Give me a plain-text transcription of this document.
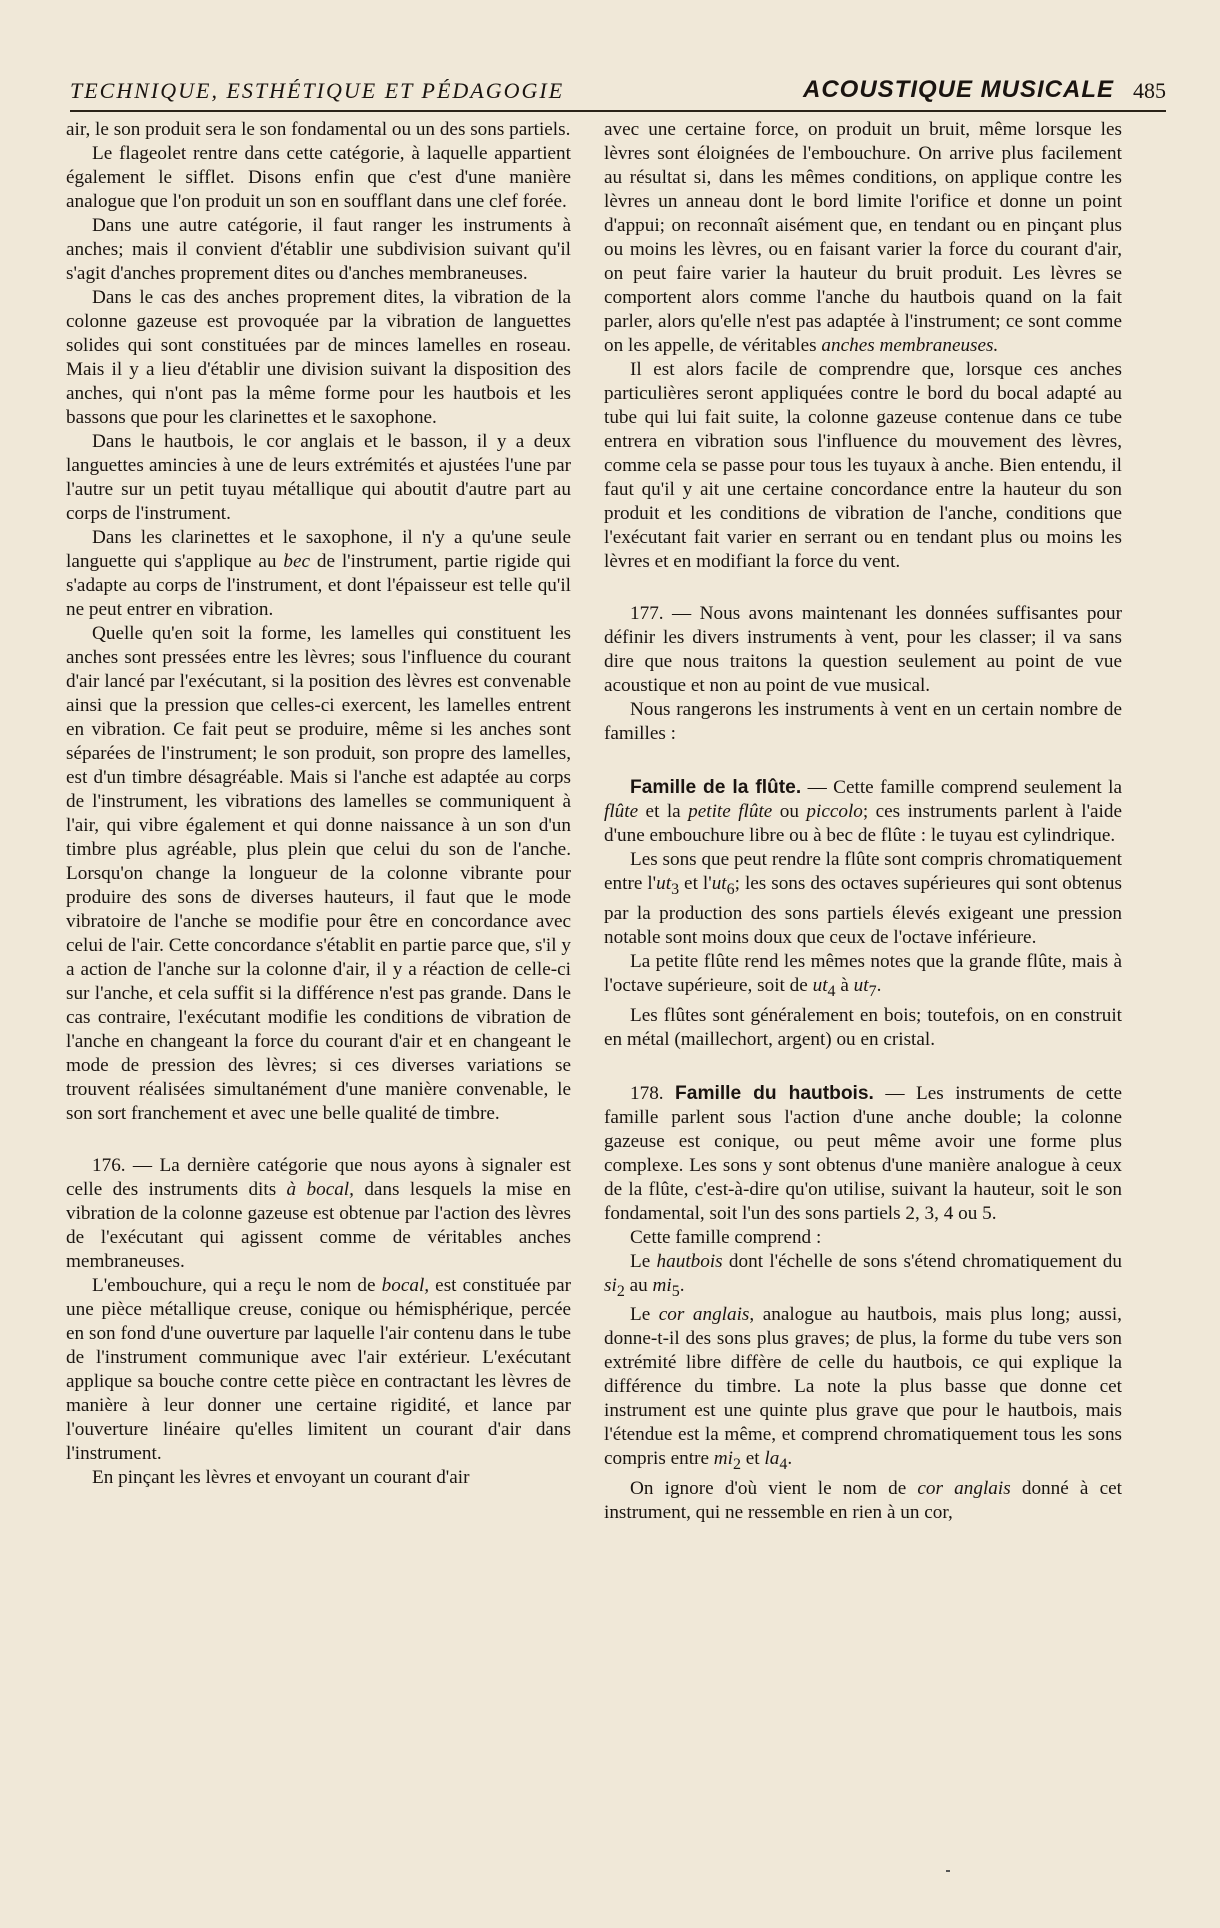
TECHNIQUE, ESTHÉTIQUE ET PÉDAGOGIE	ACOUSTIQUE MUSICALE 485

air, le son produit sera le son fondamental ou un des sons partiels.

Le flageolet rentre dans cette catégorie, à laquelle appartient également le sifflet. Disons enfin que c'est d'une manière analogue que l'on produit un son en soufflant dans une clef forée.

Dans une autre catégorie, il faut ranger les instruments à anches; mais il convient d'établir une subdivision suivant qu'il s'agit d'anches proprement dites ou d'anches membraneuses.

Dans le cas des anches proprement dites, la vibration de la colonne gazeuse est provoquée par la vibration de languettes solides qui sont constituées par de minces lamelles en roseau. Mais il y a lieu d'établir une division suivant la disposition des anches, qui n'ont pas la même forme pour les hautbois et les bassons que pour les clarinettes et le saxophone.

Dans le hautbois, le cor anglais et le basson, il y a deux languettes amincies à une de leurs extrémités et ajustées l'une par l'autre sur un petit tuyau métallique qui aboutit d'autre part au corps de l'instrument.

Dans les clarinettes et le saxophone, il n'y a qu'une seule languette qui s'applique au bec de l'instrument, partie rigide qui s'adapte au corps de l'instrument, et dont l'épaisseur est telle qu'il ne peut entrer en vibration.

Quelle qu'en soit la forme, les lamelles qui constituent les anches sont pressées entre les lèvres; sous l'influence du courant d'air lancé par l'exécutant, si la position des lèvres est convenable ainsi que la pression que celles-ci exercent, les lamelles entrent en vibration. Ce fait peut se produire, même si les anches sont séparées de l'instrument; le son produit, son propre des lamelles, est d'un timbre désagréable. Mais si l'anche est adaptée au corps de l'instrument, les vibrations des lamelles se communiquent à l'air, qui vibre également et qui donne naissance à un son d'un timbre plus agréable, plus plein que celui du son de l'anche. Lorsqu'on change la longueur de la colonne vibrante pour produire des sons de diverses hauteurs, il faut que le mode vibratoire de l'anche se modifie pour être en concordance avec celui de l'air. Cette concordance s'établit en partie parce que, s'il y a action de l'anche sur la colonne d'air, il y a réaction de celle-ci sur l'anche, et cela suffit si la différence n'est pas grande. Dans le cas contraire, l'exécutant modifie les conditions de vibration de l'anche en changeant la force du courant d'air et en changeant le mode de pression des lèvres; si ces diverses variations se trouvent réalisées simultanément d'une manière convenable, le son sort franchement et avec une belle qualité de timbre.

176. — La dernière catégorie que nous ayons à signaler est celle des instruments dits à bocal, dans lesquels la mise en vibration de la colonne gazeuse est obtenue par l'action des lèvres de l'exécutant qui agissent comme de véritables anches membraneuses.

L'embouchure, qui a reçu le nom de bocal, est constituée par une pièce métallique creuse, conique ou hémisphérique, percée en son fond d'une ouverture par laquelle l'air contenu dans le tube de l'instrument communique avec l'air extérieur. L'exécutant applique sa bouche contre cette pièce en contractant les lèvres de manière à leur donner une certaine rigidité, et lance par l'ouverture linéaire qu'elles limitent un courant d'air dans l'instrument.

En pinçant les lèvres et envoyant un courant d'air

avec une certaine force, on produit un bruit, même lorsque les lèvres sont éloignées de l'embouchure. On arrive plus facilement au résultat si, dans les mêmes conditions, on applique contre les lèvres un anneau dont le bord limite l'orifice et donne un point d'appui; on reconnaît aisément que, en tendant ou en pinçant plus ou moins les lèvres, ou en faisant varier la force du courant d'air, on peut faire varier la hauteur du bruit produit. Les lèvres se comportent alors comme l'anche du hautbois quand on la fait parler, alors qu'elle n'est pas adaptée à l'instrument; ce sont comme on les appelle, de véritables anches membraneuses.

Il est alors facile de comprendre que, lorsque ces anches particulières seront appliquées contre le bord du bocal adapté au tube qui lui fait suite, la colonne gazeuse contenue dans ce tube entrera en vibration sous l'influence du mouvement des lèvres, comme cela se passe pour tous les tuyaux à anche. Bien entendu, il faut qu'il y ait une certaine concordance entre la hauteur du son produit et les conditions de vibration de l'anche, conditions que l'exécutant fait varier en serrant ou en tendant plus ou moins les lèvres et en modifiant la force du vent.

177. — Nous avons maintenant les données suffisantes pour définir les divers instruments à vent, pour les classer; il va sans dire que nous traitons la question seulement au point de vue acoustique et non au point de vue musical.

Nous rangerons les instruments à vent en un certain nombre de familles :

Famille de la flûte. — Cette famille comprend seulement la flûte et la petite flûte ou piccolo; ces instruments parlent à l'aide d'une embouchure libre ou à bec de flûte : le tuyau est cylindrique.

Les sons que peut rendre la flûte sont compris chromatiquement entre $l'ut_3$ et $l'ut_6$; les sons des octaves supérieures qui sont obtenus par la production des sons partiels élevés exigeant une pression notable sont moins doux que ceux de l'octave inférieure.

La petite flûte rend les mêmes notes que la grande flûte, mais à l'octave supérieure, soit de $ut_4$ à $ut_7$.

Les flûtes sont généralement en bois; toutefois, on en construit en métal (maillechort, argent) ou en cristal.

178. Famille du hautbois. — Les instruments de cette famille parlent sous l'action d'une anche double; la colonne gazeuse est conique, ou peut même avoir une forme plus complexe. Les sons y sont obtenus d'une manière analogue à ceux de la flûte, c'est-à-dire qu'on utilise, suivant la hauteur, soit le son fondamental, soit l'un des sons partiels 2, 3, 4 ou 5.

Cette famille comprend :

Le hautbois dont l'échelle de sons s'étend chromatiquement du $si_2$ au $mi_5$.

Le cor anglais, analogue au hautbois, mais plus long; aussi, donne-t-il des sons plus graves; de plus, la forme du tube vers son extrémité libre diffère de celle du hautbois, ce qui explique la différence du timbre. La note la plus basse que donne cet instrument est une quinte plus grave que pour le hautbois, mais l'étendue est la même, et comprend chromatiquement tous les sons compris entre $mi_2$ et $la_4$.

On ignore d'où vient le nom de cor anglais donné à cet instrument, qui ne ressemble en rien à un cor,
